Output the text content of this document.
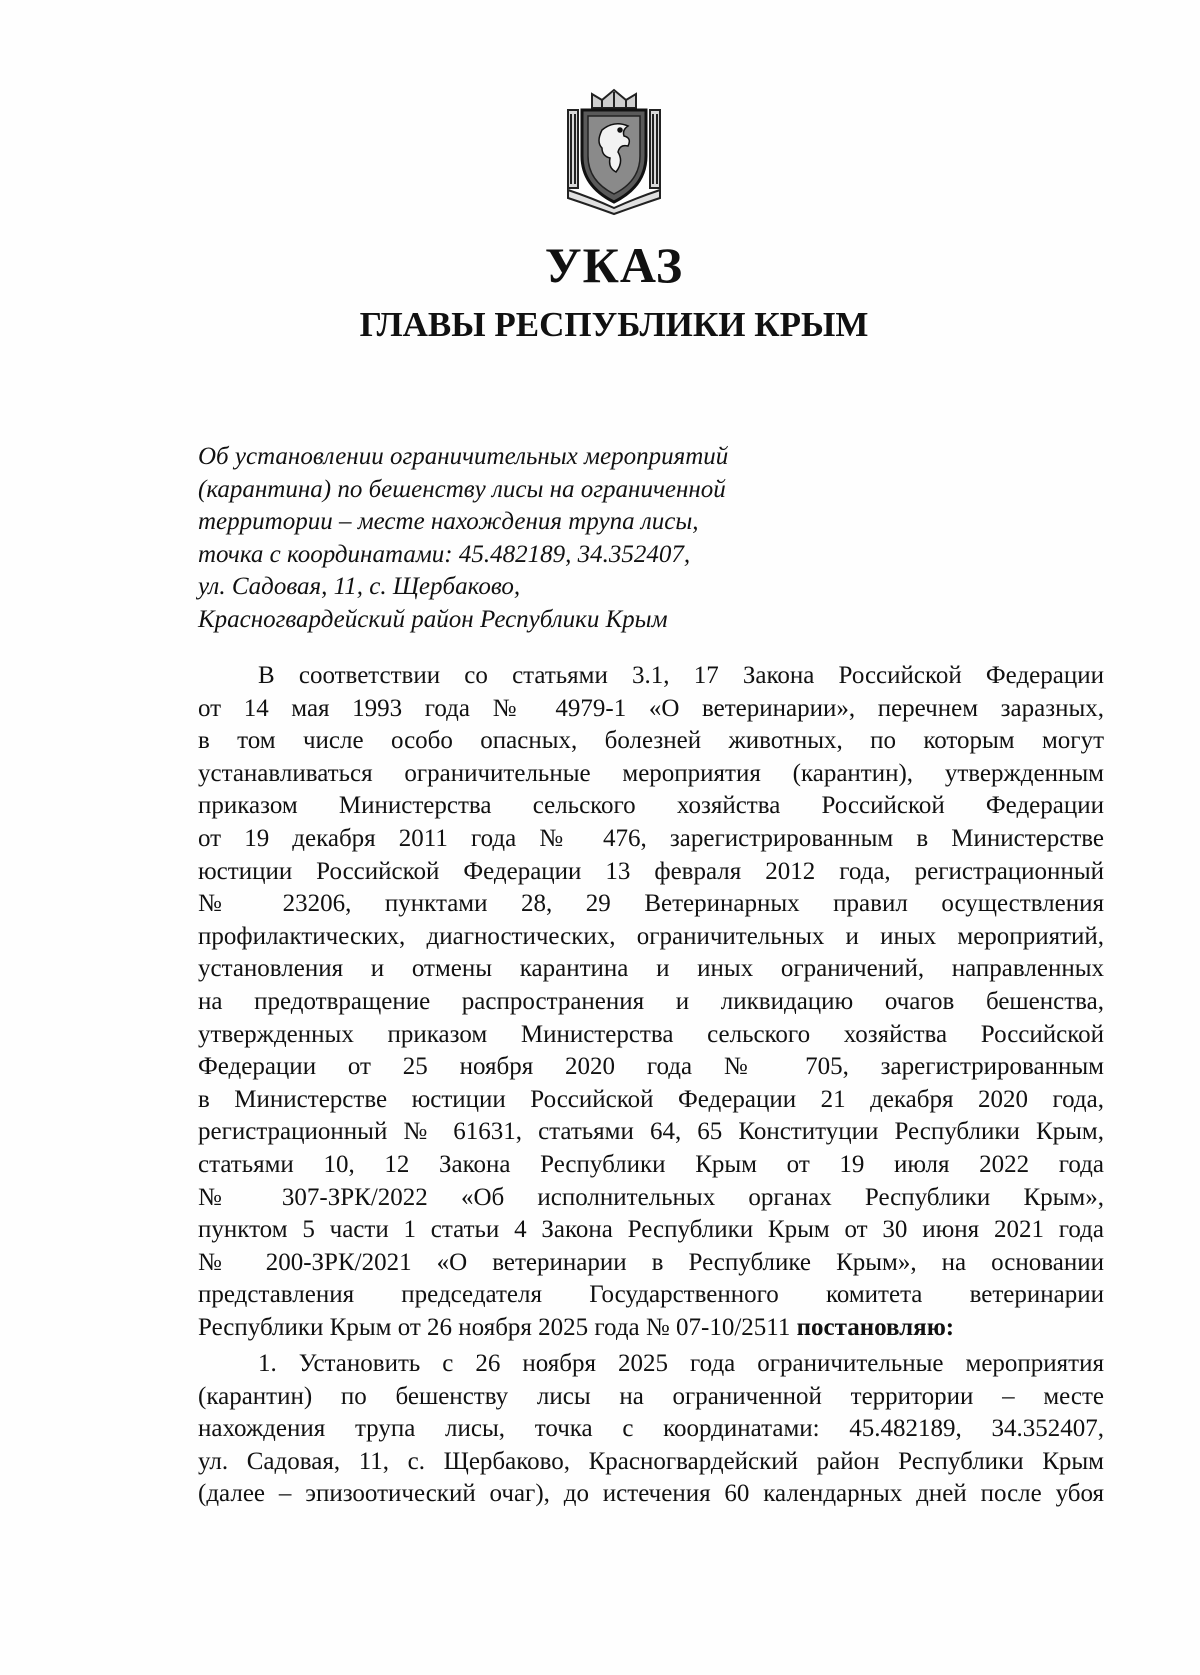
УКАЗ
ГЛАВЫ РЕСПУБЛИКИ КРЫМ
Об установлении ограничительных мероприятий
(карантина) по бешенству лисы на ограниченной
территории – месте нахождения трупа лисы,
точка с координатами: 45.482189, 34.352407,
ул. Садовая, 11, с. Щербаково,
Красногвардейский район Республики Крым
В соответствии со статьями 3.1, 17 Закона Российской Федерации
от 14 мая 1993 года № 4979-1 «О ветеринарии», перечнем заразных,
в том числе особо опасных, болезней животных, по которым могут
устанавливаться ограничительные мероприятия (карантин), утвержденным
приказом Министерства сельского хозяйства Российской Федерации
от 19 декабря 2011 года № 476, зарегистрированным в Министерстве
юстиции Российской Федерации 13 февраля 2012 года, регистрационный
№ 23206, пунктами 28, 29 Ветеринарных правил осуществления
профилактических, диагностических, ограничительных и иных мероприятий,
установления и отмены карантина и иных ограничений, направленных
на предотвращение распространения и ликвидацию очагов бешенства,
утвержденных приказом Министерства сельского хозяйства Российской
Федерации от 25 ноября 2020 года № 705, зарегистрированным
в Министерстве юстиции Российской Федерации 21 декабря 2020 года,
регистрационный № 61631, статьями 64, 65 Конституции Республики Крым,
статьями 10, 12 Закона Республики Крым от 19 июля 2022 года
№ 307-ЗРК/2022 «Об исполнительных органах Республики Крым»,
пунктом 5 части 1 статьи 4 Закона Республики Крым от 30 июня 2021 года
№ 200-ЗРК/2021 «О ветеринарии в Республике Крым», на основании
представления председателя Государственного комитета ветеринарии
Республики Крым от 26 ноября 2025 года № 07-10/2511 постановляю:
1. Установить с 26 ноября 2025 года ограничительные мероприятия
(карантин) по бешенству лисы на ограниченной территории – месте
нахождения трупа лисы, точка с координатами: 45.482189, 34.352407,
ул. Садовая, 11, с. Щербаково, Красногвардейский район Республики Крым
(далее – эпизоотический очаг), до истечения 60 календарных дней после убоя
